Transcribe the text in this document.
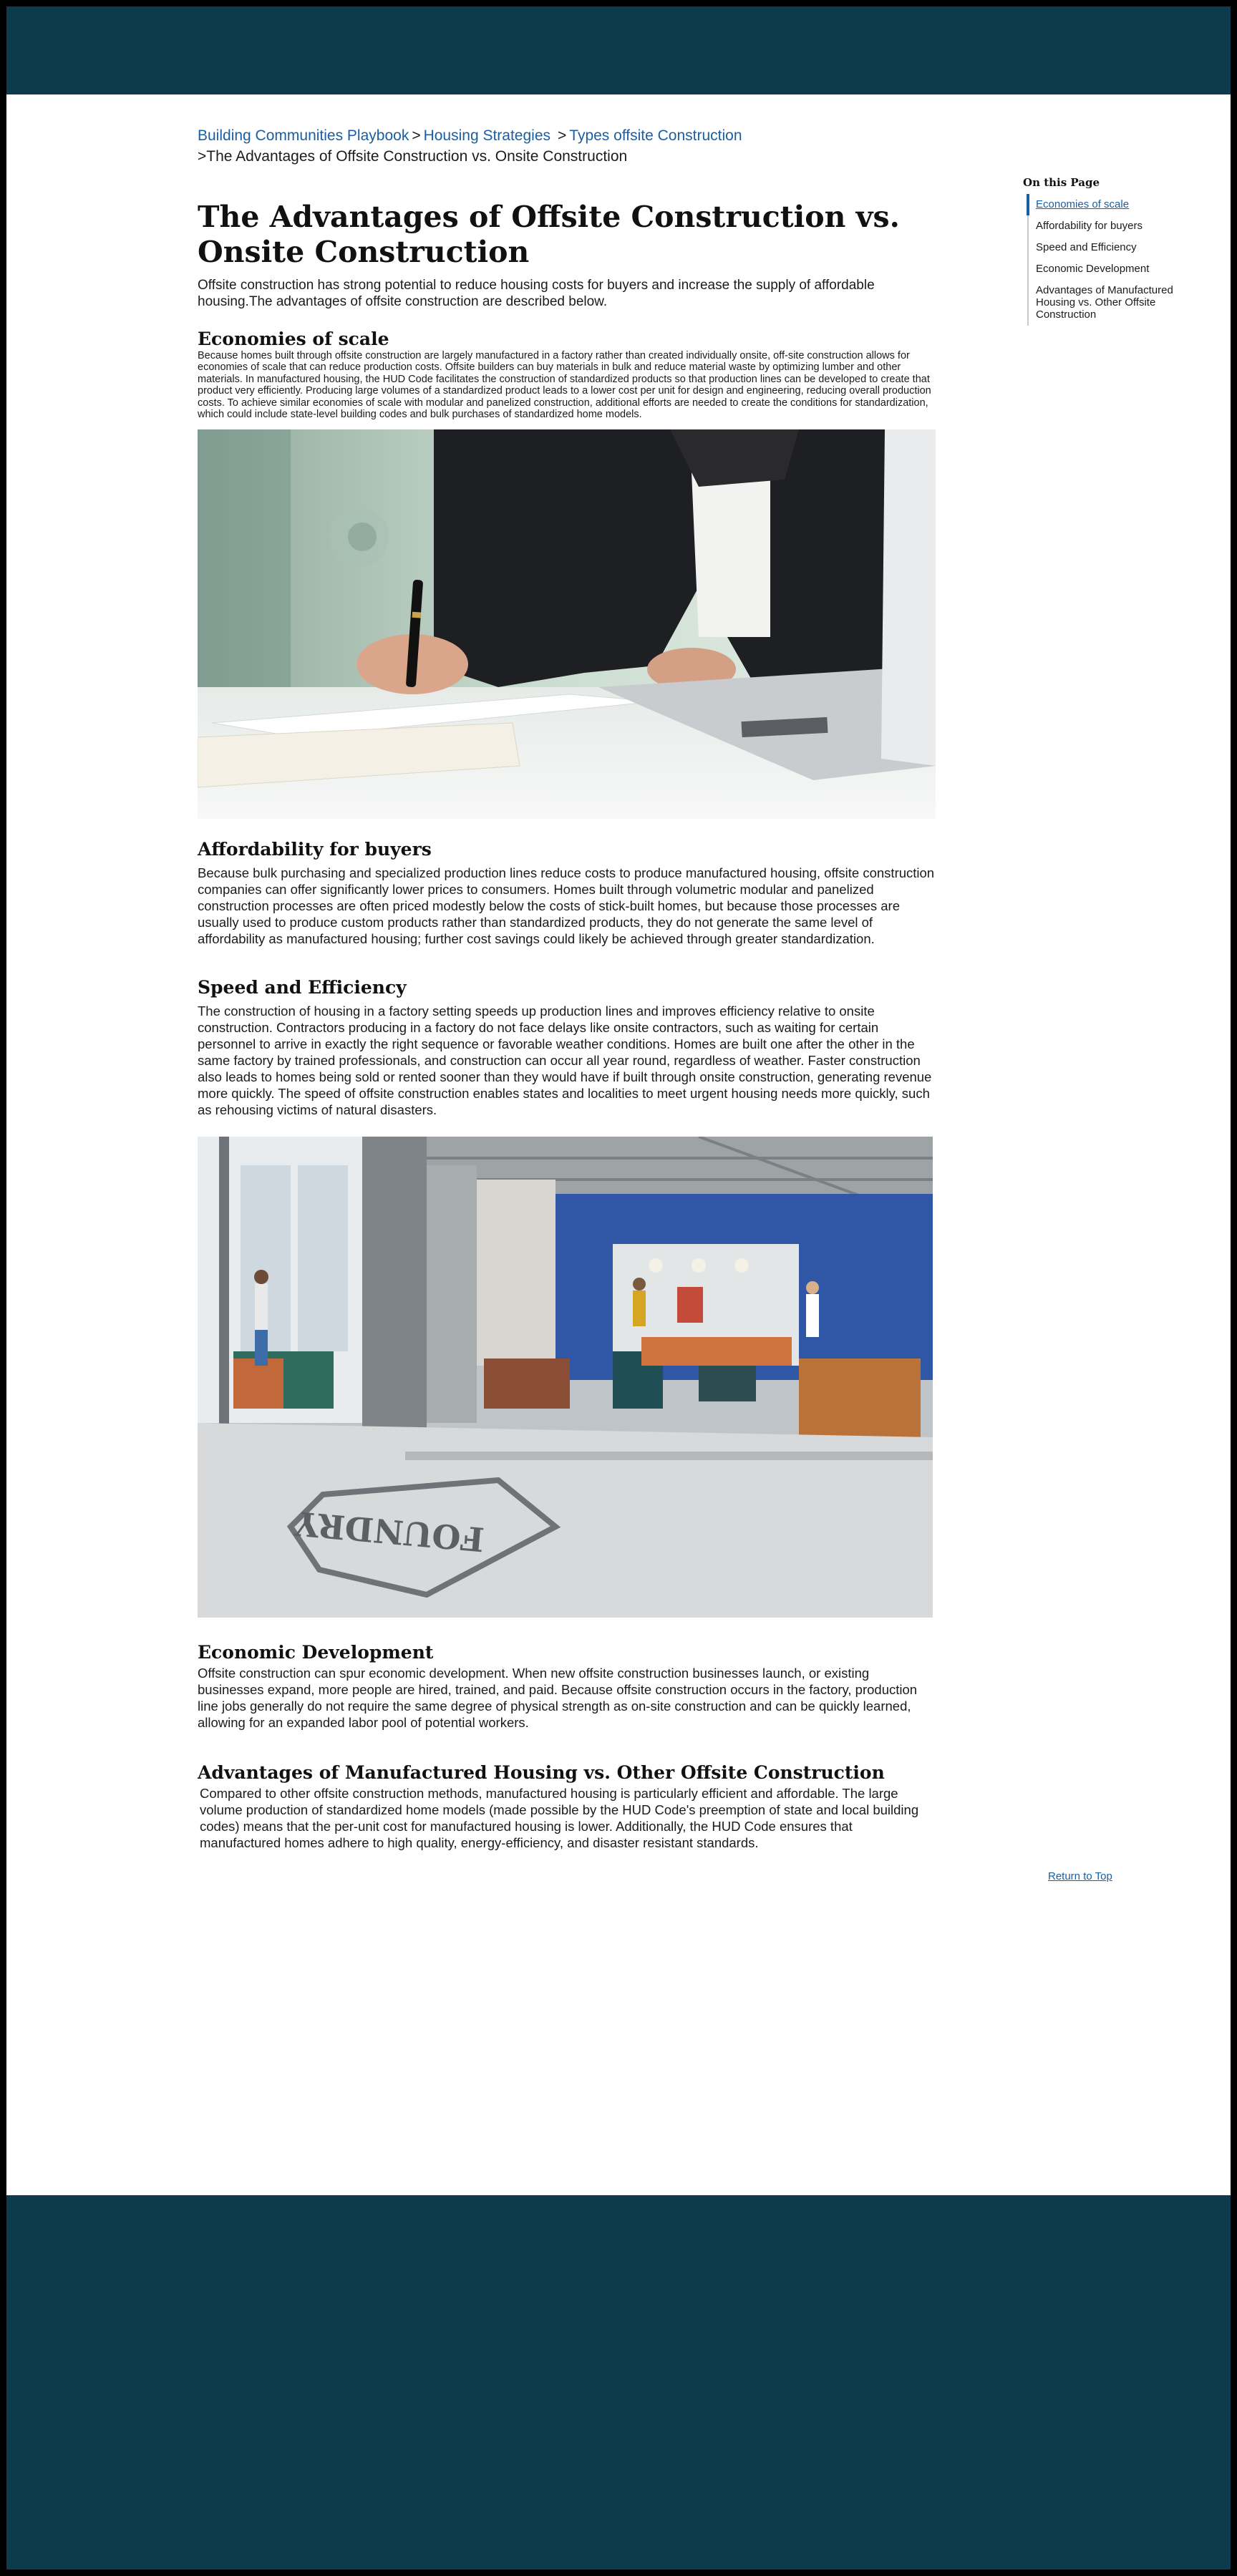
Building Communities Playbook > Housing Strategies > Types offsite Construction
>The Advantages of Offsite Construction vs. Onsite Construction
The Advantages of Offsite Construction vs. Onsite Construction

Offsite construction has strong potential to reduce housing costs for buyers and increase the supply of affordable housing.The advantages of offsite construction are described below.

Economies of scale

Because homes built through offsite construction are largely manufactured in a factory rather than created individually onsite, off-site construction allows for economies of scale that can reduce production costs. Offsite builders can buy materials in bulk and reduce material waste by optimizing lumber and other materials. In manufactured housing, the HUD Code facilitates the construction of standardized products so that production lines can be developed to create that product very efficiently. Producing large volumes of a standardized product leads to a lower cost per unit for design and engineering, reducing overall production costs. To achieve similar economies of scale with modular and panelized construction, additional efforts are needed to create the conditions for standardization, which could include state-level building codes and bulk purchases of standardized home models.

Affordability for buyers

Because bulk purchasing and specialized production lines reduce costs to produce manufactured housing, offsite construction companies can offer significantly lower prices to consumers. Homes built through volumetric modular and panelized construction processes are often priced modestly below the costs of stick-built homes, but because those processes are usually used to produce custom products rather than standardized products, they do not generate the same level of affordability as manufactured housing; further cost savings could likely be achieved through greater standardization.

Speed and Efficiency

The construction of housing in a factory setting speeds up production lines and improves efficiency relative to onsite construction. Contractors producing in a factory do not face delays like onsite contractors, such as waiting for certain personnel to arrive in exactly the right sequence or favorable weather conditions. Homes are built one after the other in the same factory by trained professionals, and construction can occur all year round, regardless of weather. Faster construction also leads to homes being sold or rented sooner than they would have if built through onsite construction, generating revenue more quickly. The speed of offsite construction enables states and localities to meet urgent housing needs more quickly, such as rehousing victims of natural disasters.

FOUNDRY
Economic Development

Offsite construction can spur economic development. When new offsite construction businesses launch, or existing businesses expand, more people are hired, trained, and paid. Because offsite construction occurs in the factory, production line jobs generally do not require the same degree of physical strength as on-site construction and can be quickly learned, allowing for an expanded labor pool of potential workers.

Advantages of Manufactured Housing vs. Other Offsite Construction

Compared to other offsite construction methods, manufactured housing is particularly efficient and affordable. The large volume production of standardized home models (made possible by the HUD Code's preemption of state and local building codes) means that the per-unit cost for manufactured housing is lower. Additionally, the HUD Code ensures that manufactured homes adhere to high quality, energy-efficiency, and disaster resistant standards.

On this Page
Economies of scale
Affordability for buyers
Speed and Efficiency
Economic Development
Advantages of Manufactured Housing vs. Other Offsite Construction
Return to Top
